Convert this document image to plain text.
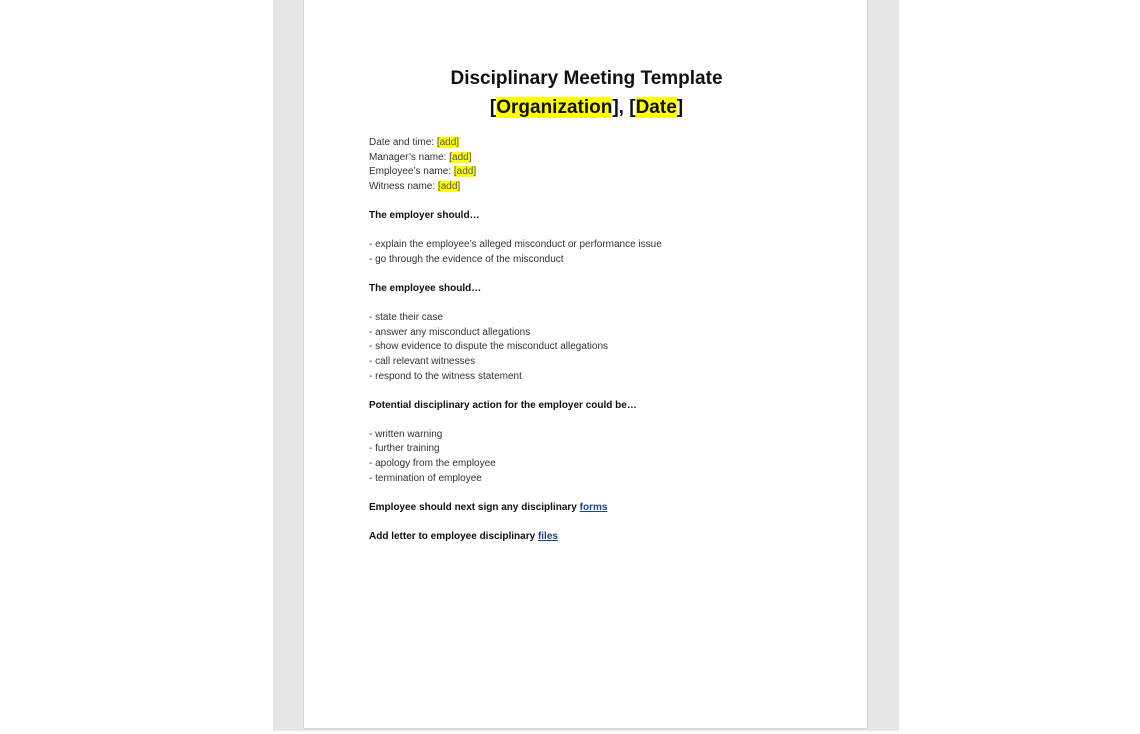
Disciplinary Meeting Template
[Organization], [Date]
Date and time: [add]
Manager’s name: [add]
Employee’s name: [add]
Witness name: [add]
The employer should…
- explain the employee’s alleged misconduct or performance issue
- go through the evidence of the misconduct
The employee should…
- state their case
- answer any misconduct allegations
- show evidence to dispute the misconduct allegations
- call relevant witnesses
- respond to the witness statement
Potential disciplinary action for the employer could be…
- written warning
- further training
- apology from the employee
- termination of employee
Employee should next sign any disciplinary forms
Add letter to employee disciplinary files
